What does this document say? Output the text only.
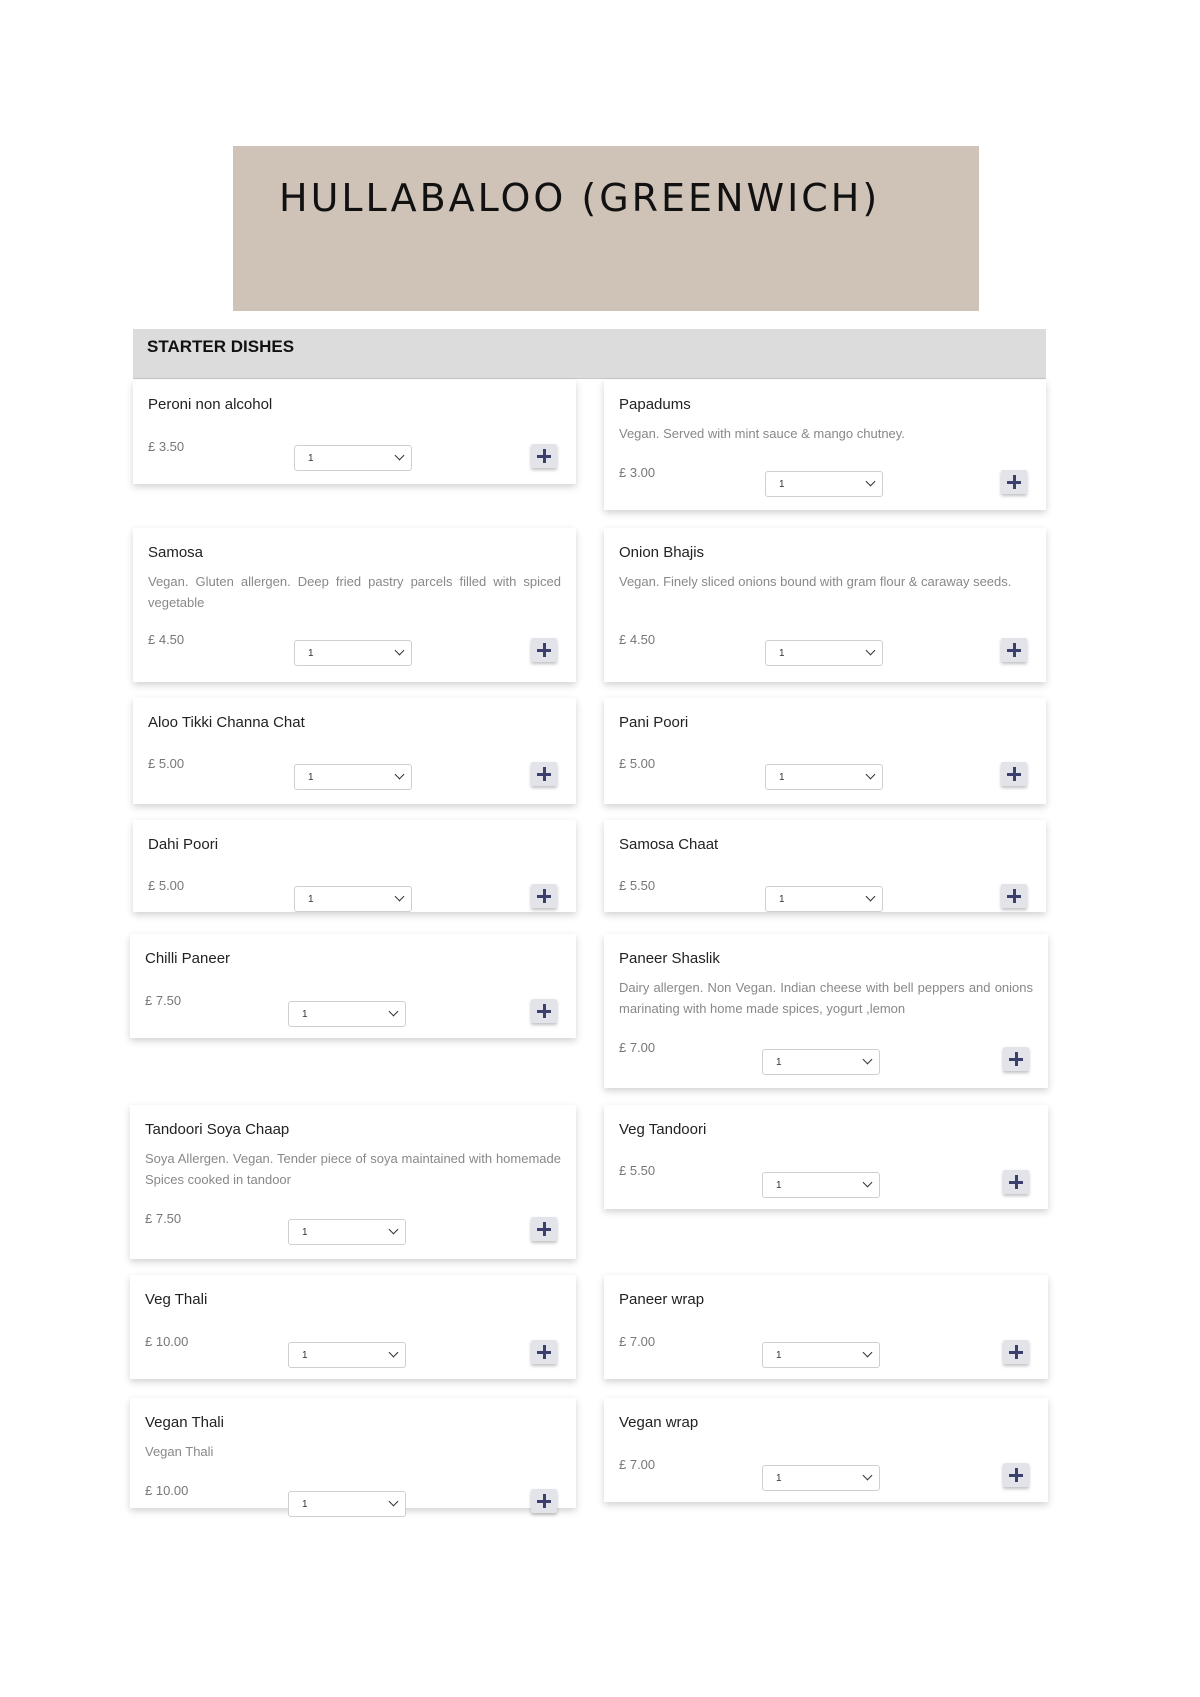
HULLABALOO (GREENWICH)
STARTER DISHES
Peroni non alcohol
£ 3.50
1
Papadums
Vegan. Served with mint sauce & mango chutney.
£ 3.00
1
Samosa
Vegan. Gluten allergen. Deep fried pastry parcels filled with spiced vegetable
£ 4.50
1
Onion Bhajis
Vegan. Finely sliced onions bound with gram flour & caraway seeds.
£ 4.50
1
Aloo Tikki Channa Chat
£ 5.00
1
Pani Poori
£ 5.00
1
Dahi Poori
£ 5.00
1
Samosa Chaat
£ 5.50
1
Chilli Paneer
£ 7.50
1
Paneer Shaslik
Dairy allergen. Non Vegan. Indian cheese with bell peppers and onions marinating with home made spices, yogurt ,lemon
£ 7.00
1
Tandoori Soya Chaap
Soya Allergen. Vegan. Tender piece of soya maintained with homemade Spices cooked in tandoor
£ 7.50
1
Veg Tandoori
£ 5.50
1
Veg Thali
£ 10.00
1
Paneer wrap
£ 7.00
1
Vegan Thali
Vegan Thali
£ 10.00
1
Vegan wrap
£ 7.00
1
